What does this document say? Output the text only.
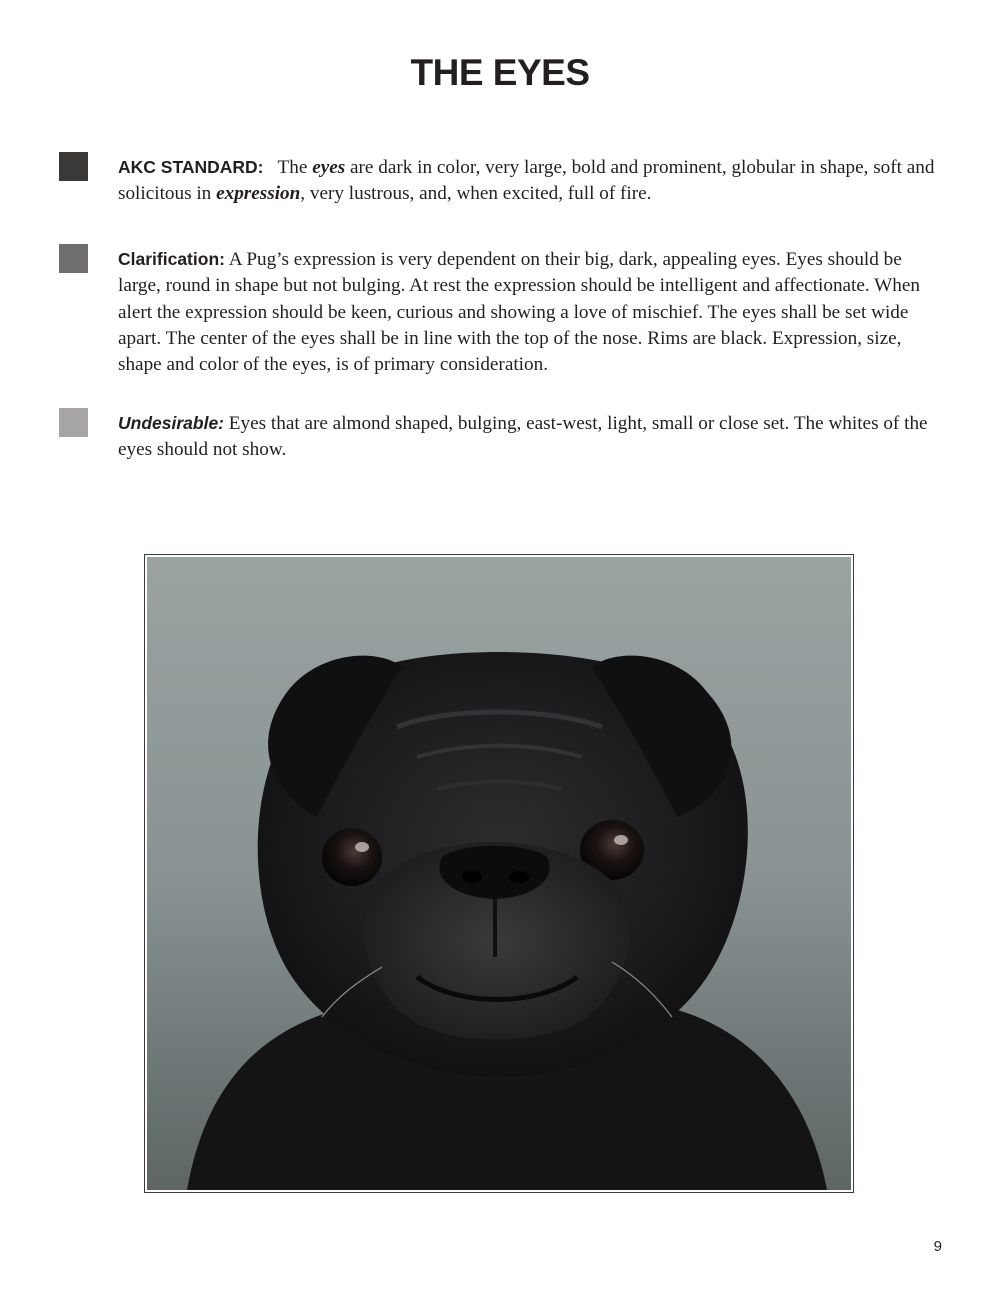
THE EYES

AKC STANDARD: The eyes are dark in color, very large, bold and prominent, globular in shape, soft and solicitous in expression, very lustrous, and, when excited, full of fire.

Clarification: A Pug’s expression is very dependent on their big, dark, appealing eyes. Eyes should be large, round in shape but not bulging. At rest the expression should be intelligent and affectionate. When alert the expression should be keen, curious and showing a love of mischief. The eyes shall be set wide apart. The center of the eyes shall be in line with the top of the nose. Rims are black. Expression, size, shape and color of the eyes, is of primary consideration.

Undesirable: Eyes that are almond shaped, bulging, east-west, light, small or close set. The whites of the eyes should not show.

9
